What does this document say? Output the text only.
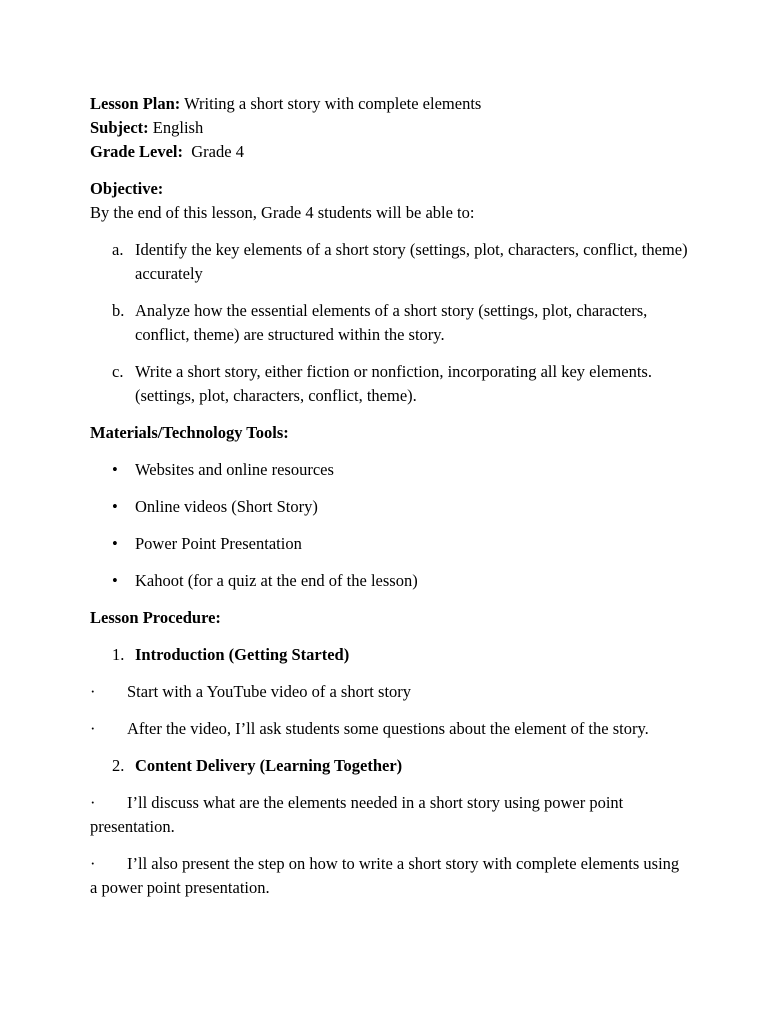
Lesson Plan: Writing a short story with complete elements

Subject: English

Grade Level:  Grade 4

Objective:

By the end of this lesson, Grade 4 students will be able to:

a. Identify the key elements of a short story (settings, plot, characters, conflict, theme) accurately
b. Analyze how the essential elements of a short story (settings, plot, characters, conflict, theme) are structured within the story.
c. Write a short story, either fiction or nonfiction, incorporating all key elements. (settings, plot, characters, conflict, theme).

Materials/Technology Tools:

• Websites and online resources
• Online videos (Short Story)
• Power Point Presentation
• Kahoot (for a quiz at the end of the lesson)

Lesson Procedure:

1. Introduction (Getting Started)

· Start with a YouTube video of a short story

· After the video, I’ll ask students some questions about the element of the story.

2. Content Delivery (Learning Together)

· I’ll discuss what are the elements needed in a short story using power point presentation.

· I’ll also present the step on how to write a short story with complete elements using a power point presentation.
